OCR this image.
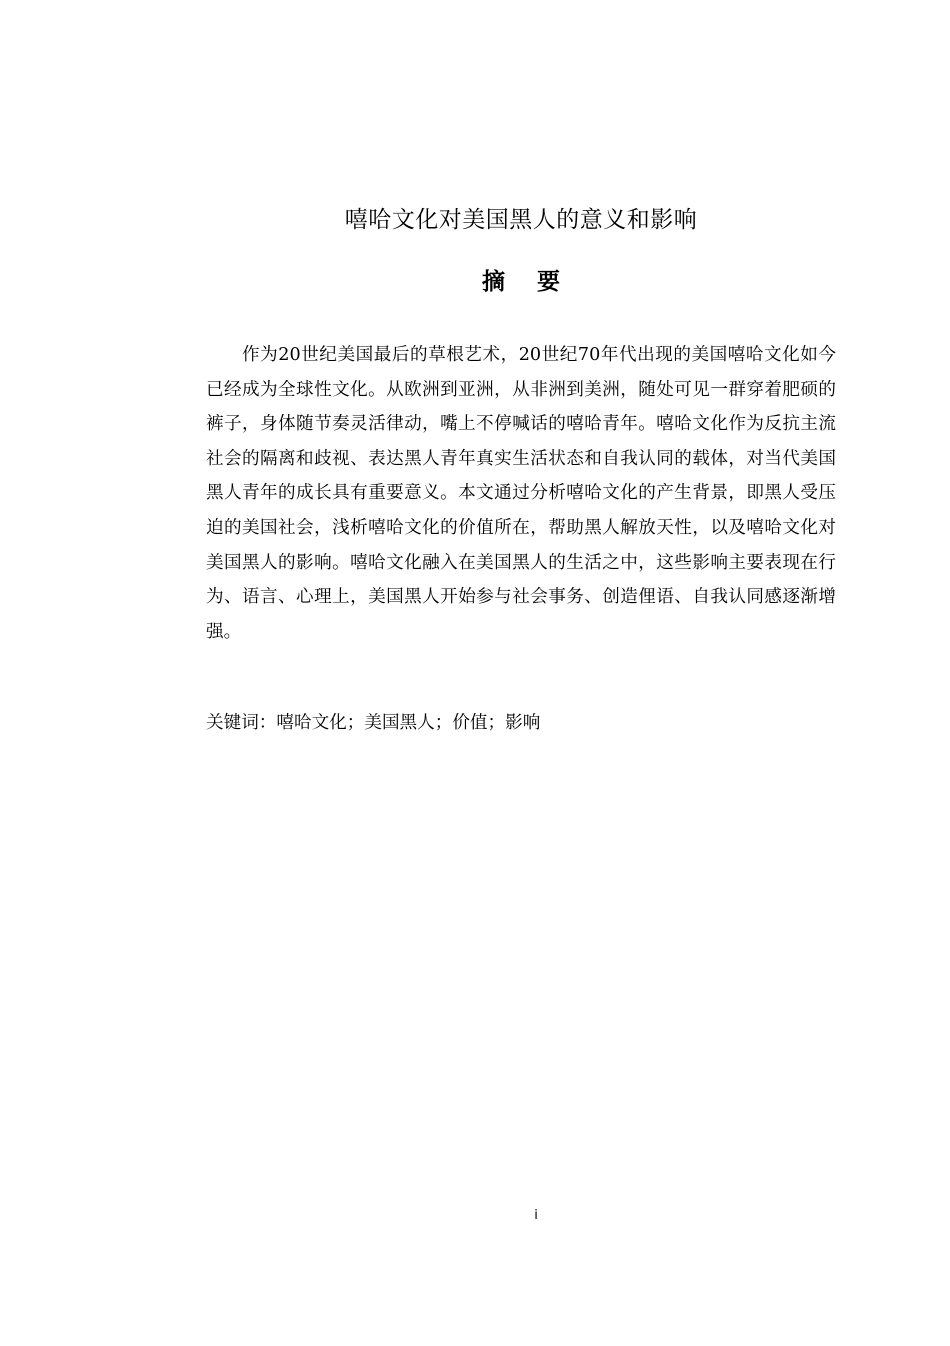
嘻哈文化对美国黑人的意义和影响
摘 要

作为20世纪美国最后的草根艺术，20世纪70年代出现的美国嘻哈文化如今已经成为全球性文化。从欧洲到亚洲，从非洲到美洲，随处可见一群穿着肥硕的裤子，身体随节奏灵活律动，嘴上不停喊话的嘻哈青年。嘻哈文化作为反抗主流社会的隔离和歧视、表达黑人青年真实生活状态和自我认同的载体，对当代美国黑人青年的成长具有重要意义。本文通过分析嘻哈文化的产生背景，即黑人受压迫的美国社会，浅析嘻哈文化的价值所在，帮助黑人解放天性，以及嘻哈文化对美国黑人的影响。嘻哈文化融入在美国黑人的生活之中，这些影响主要表现在行为、语言、心理上，美国黑人开始参与社会事务、创造俚语、自我认同感逐渐增强。

关键词：嘻哈文化；美国黑人；价值；影响

i
